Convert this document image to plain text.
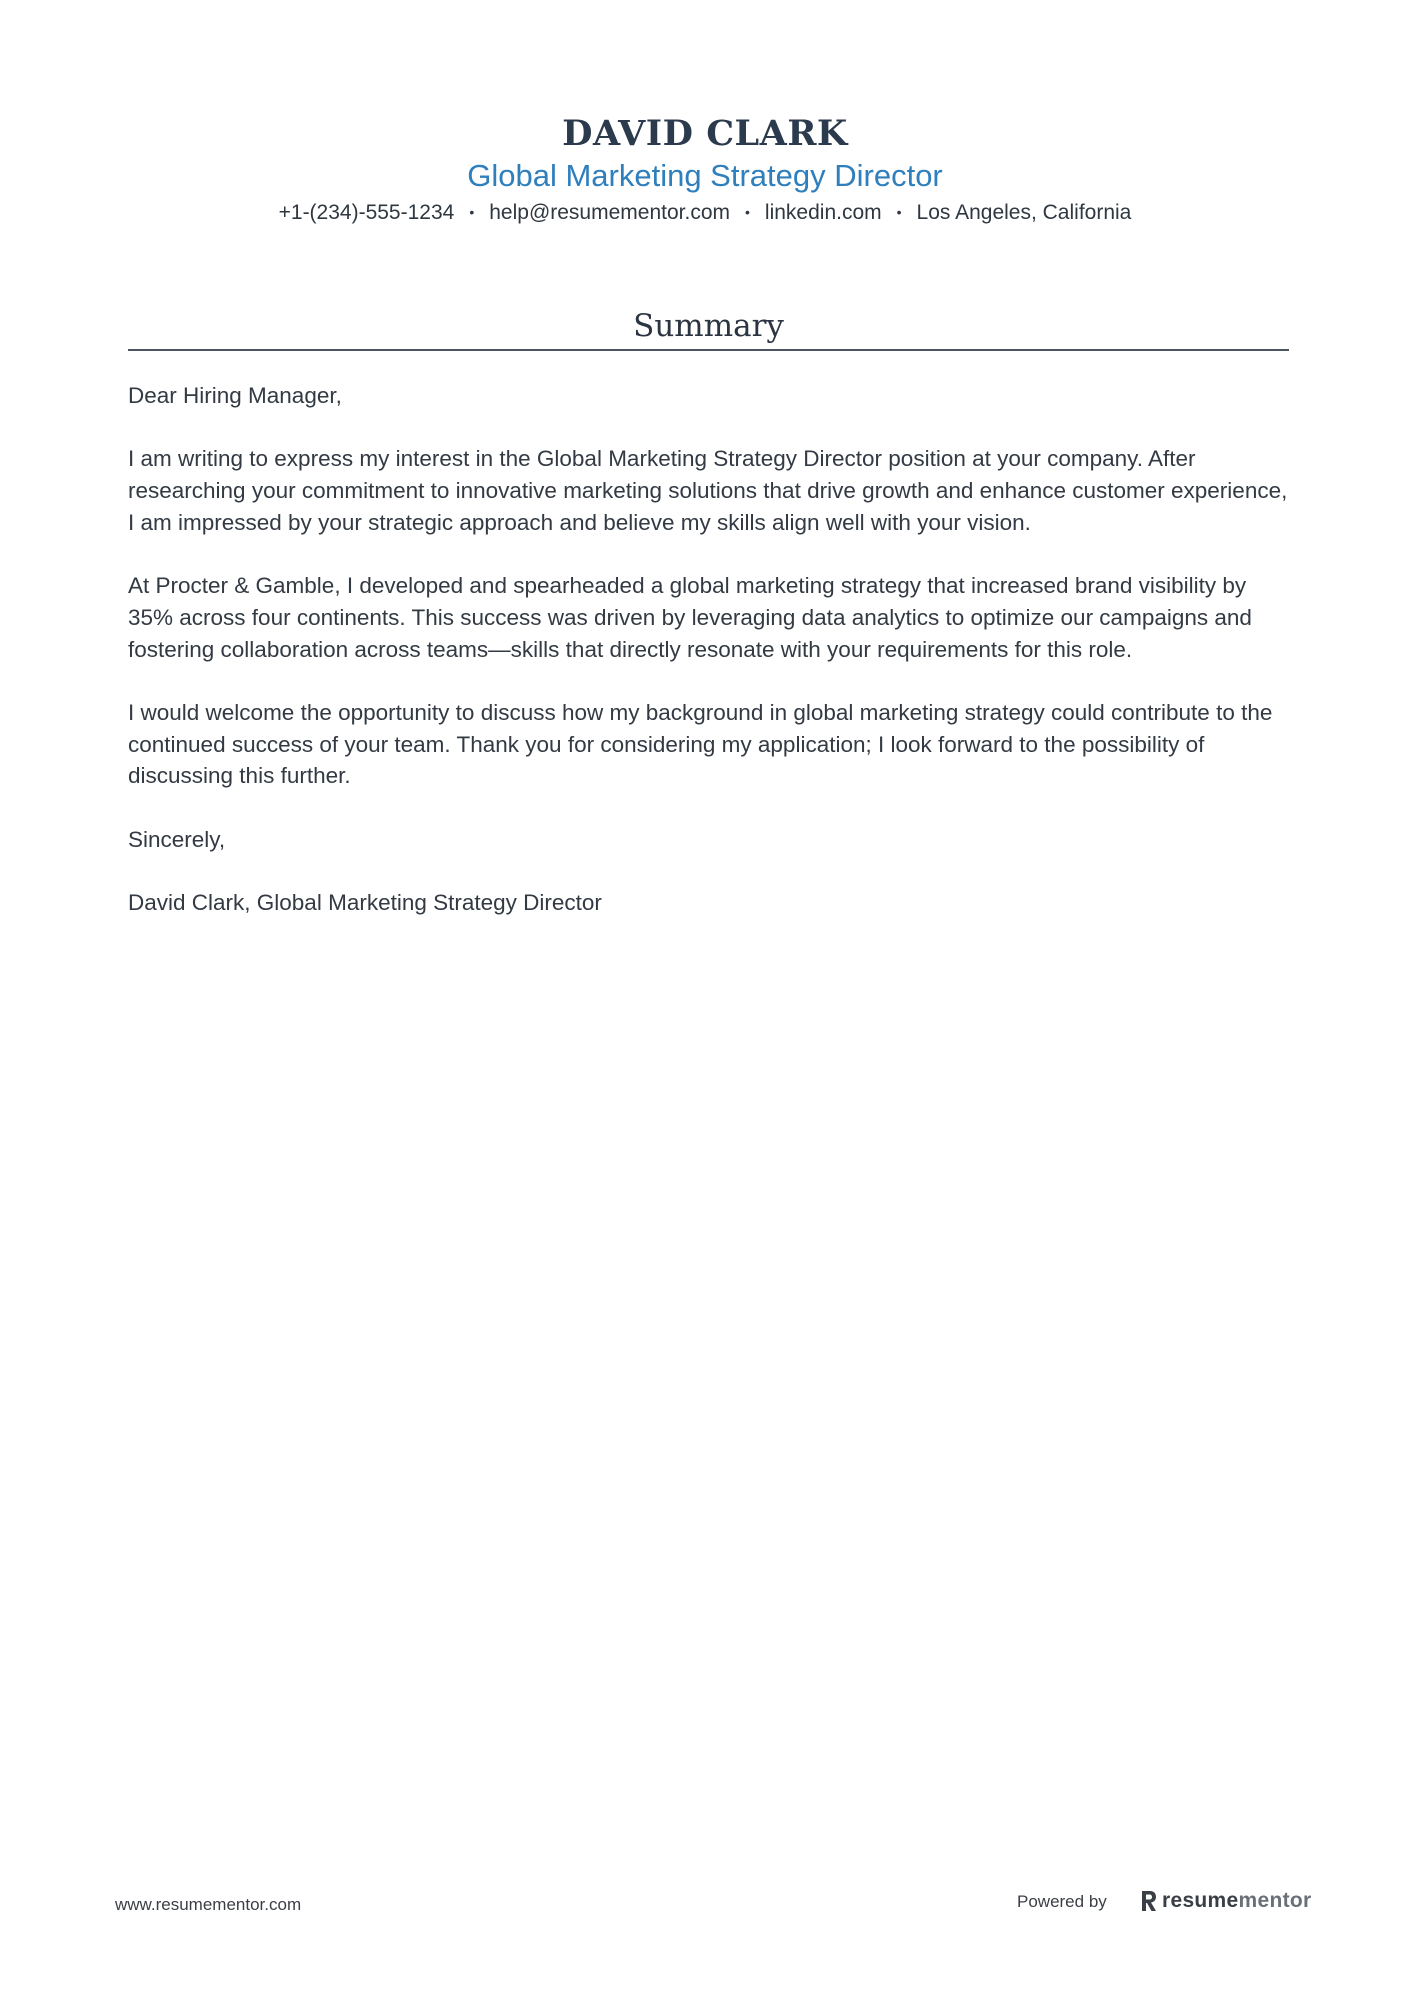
DAVID CLARK
Global Marketing Strategy Director
+1-(234)-555-1234 • help@resumementor.com • linkedin.com • Los Angeles, California
Summary

Dear Hiring Manager,

I am writing to express my interest in the Global Marketing Strategy Director position at your company. After researching your commitment to innovative marketing solutions that drive growth and enhance customer experience, I am impressed by your strategic approach and believe my skills align well with your vision.

At Procter & Gamble, I developed and spearheaded a global marketing strategy that increased brand visibility by 35% across four continents. This success was driven by leveraging data analytics to optimize our campaigns and fostering collaboration across teams—skills that directly resonate with your requirements for this role.

I would welcome the opportunity to discuss how my background in global marketing strategy could contribute to the continued success of your team. Thank you for considering my application; I look forward to the possibility of discussing this further.

Sincerely,

David Clark, Global Marketing Strategy Director

www.resumementor.com	Powered by	resumementor
